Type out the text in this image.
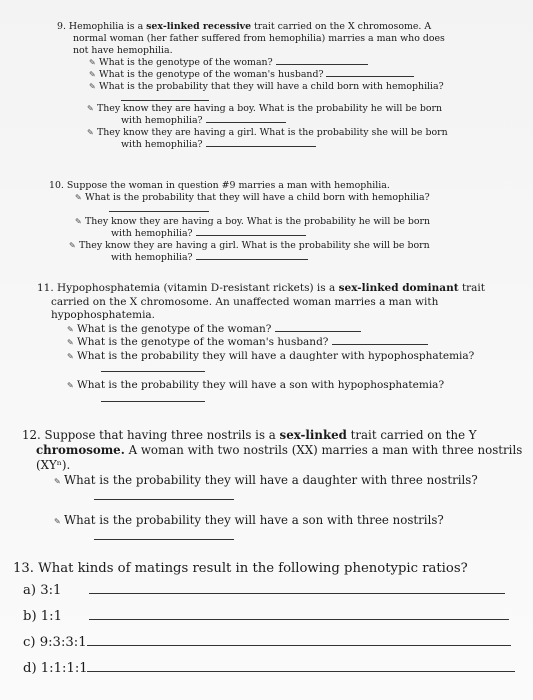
9. Hemophilia is a sex-linked recessive trait carried on the X chromosome. A
normal woman (her father suffered from hemophilia) marries a man who does
not have hemophilia.
✎ What is the genotype of the woman?
✎ What is the genotype of the woman's husband?
✎ What is the probability that they will have a child born with hemophilia?
✎ They know they are having a boy. What is the probability he will be born
with hemophilia?
✎ They know they are having a girl. What is the probability she will be born
with hemophilia?
10. Suppose the woman in question #9 marries a man with hemophilia.
✎ What is the probability that they will have a child born with hemophilia?
✎ They know they are having a boy. What is the probability he will be born
with hemophilia?
✎ They know they are having a girl. What is the probability she will be born
with hemophilia?
11. Hypophosphatemia (vitamin D-resistant rickets) is a sex-linked dominant trait
carried on the X chromosome. An unaffected woman marries a man with
hypophosphatemia.
✎ What is the genotype of the woman?
✎ What is the genotype of the woman's husband?
✎ What is the probability they will have a daughter with hypophosphatemia?
✎ What is the probability they will have a son with hypophosphatemia?
12. Suppose that having three nostrils is a sex-linked trait carried on the Y
chromosome. A woman with two nostrils (XX) marries a man with three nostrils
(XYⁿ).
✎ What is the probability they will have a daughter with three nostrils?
✎ What is the probability they will have a son with three nostrils?
13. What kinds of matings result in the following phenotypic ratios?
a) 3:1
b) 1:1
c) 9:3:3:1
d) 1:1:1:1
